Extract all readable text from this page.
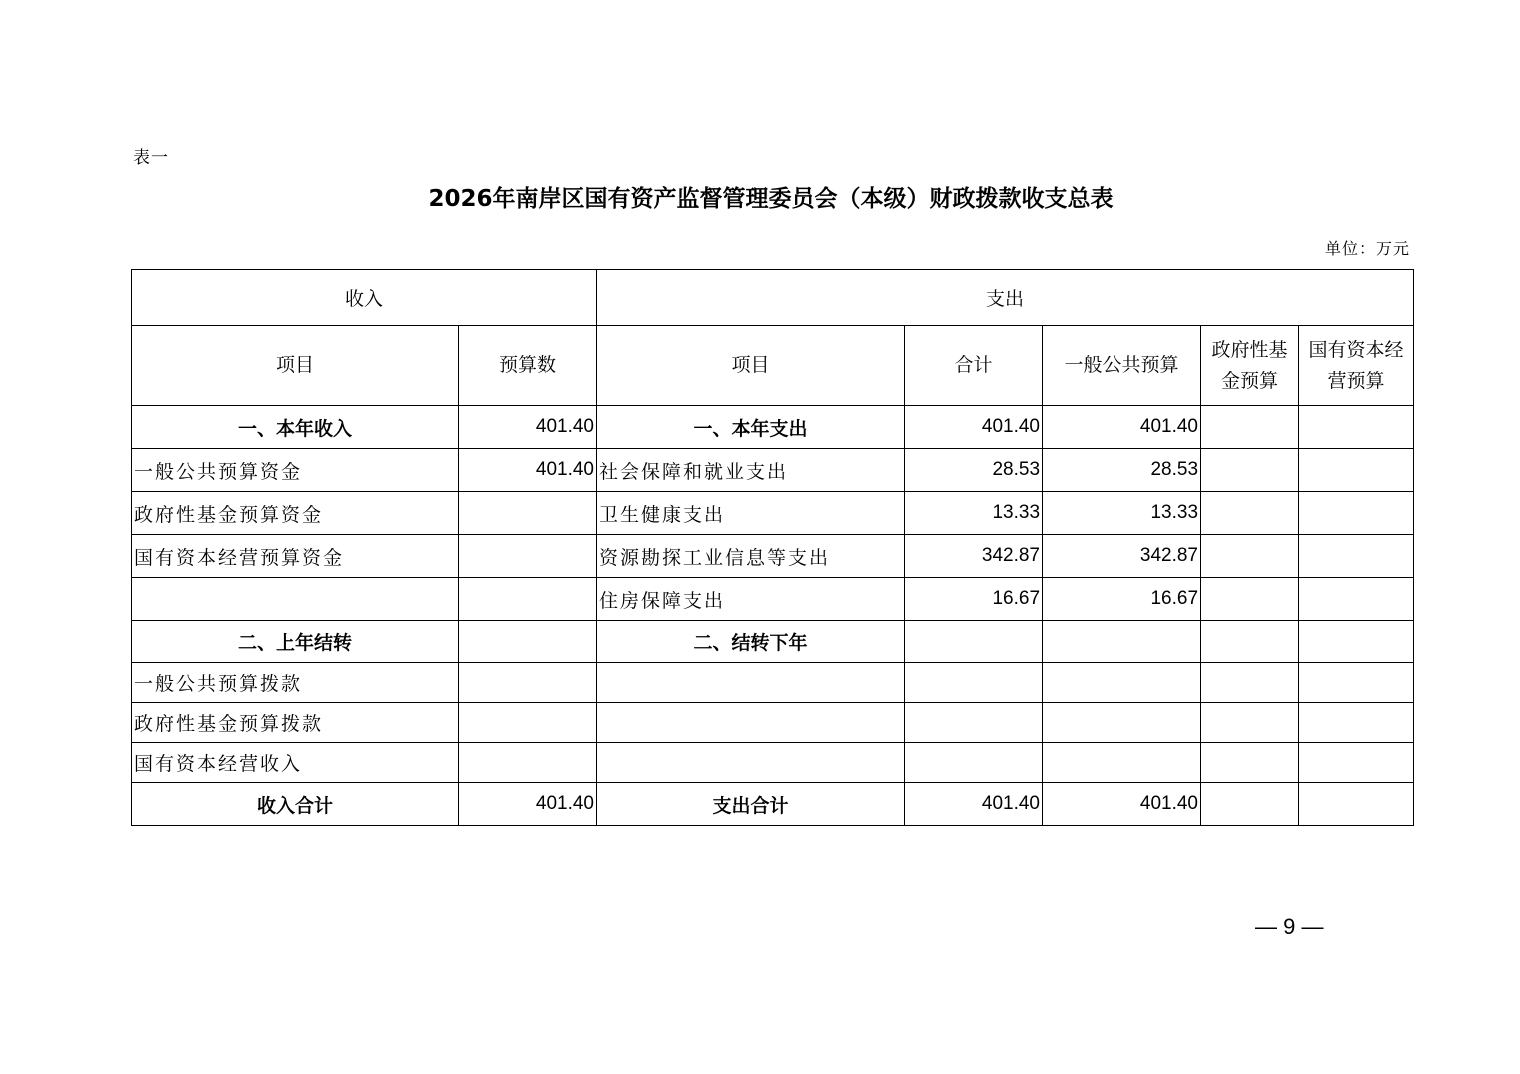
表一
2026年南岸区国有资产监督管理委员会（本级）财政拨款收支总表
单位：万元
收入		支出				
项目	预算数	项目	合计	一般公共预算	政府性基金预算	国有资本经营预算
一、本年收入	401.40	一、本年支出	401.40	401.40		
一般公共预算资金	401.40	社会保障和就业支出	28.53	28.53		
政府性基金预算资金		卫生健康支出	13.33	13.33		
国有资本经营预算资金		资源勘探工业信息等支出	342.87	342.87		
		住房保障支出	16.67	16.67		
二、上年结转		二、结转下年				
一般公共预算拨款						
政府性基金预算拨款						
国有资本经营收入						
收入合计	401.40	支出合计	401.40	401.40		
— 9 —
